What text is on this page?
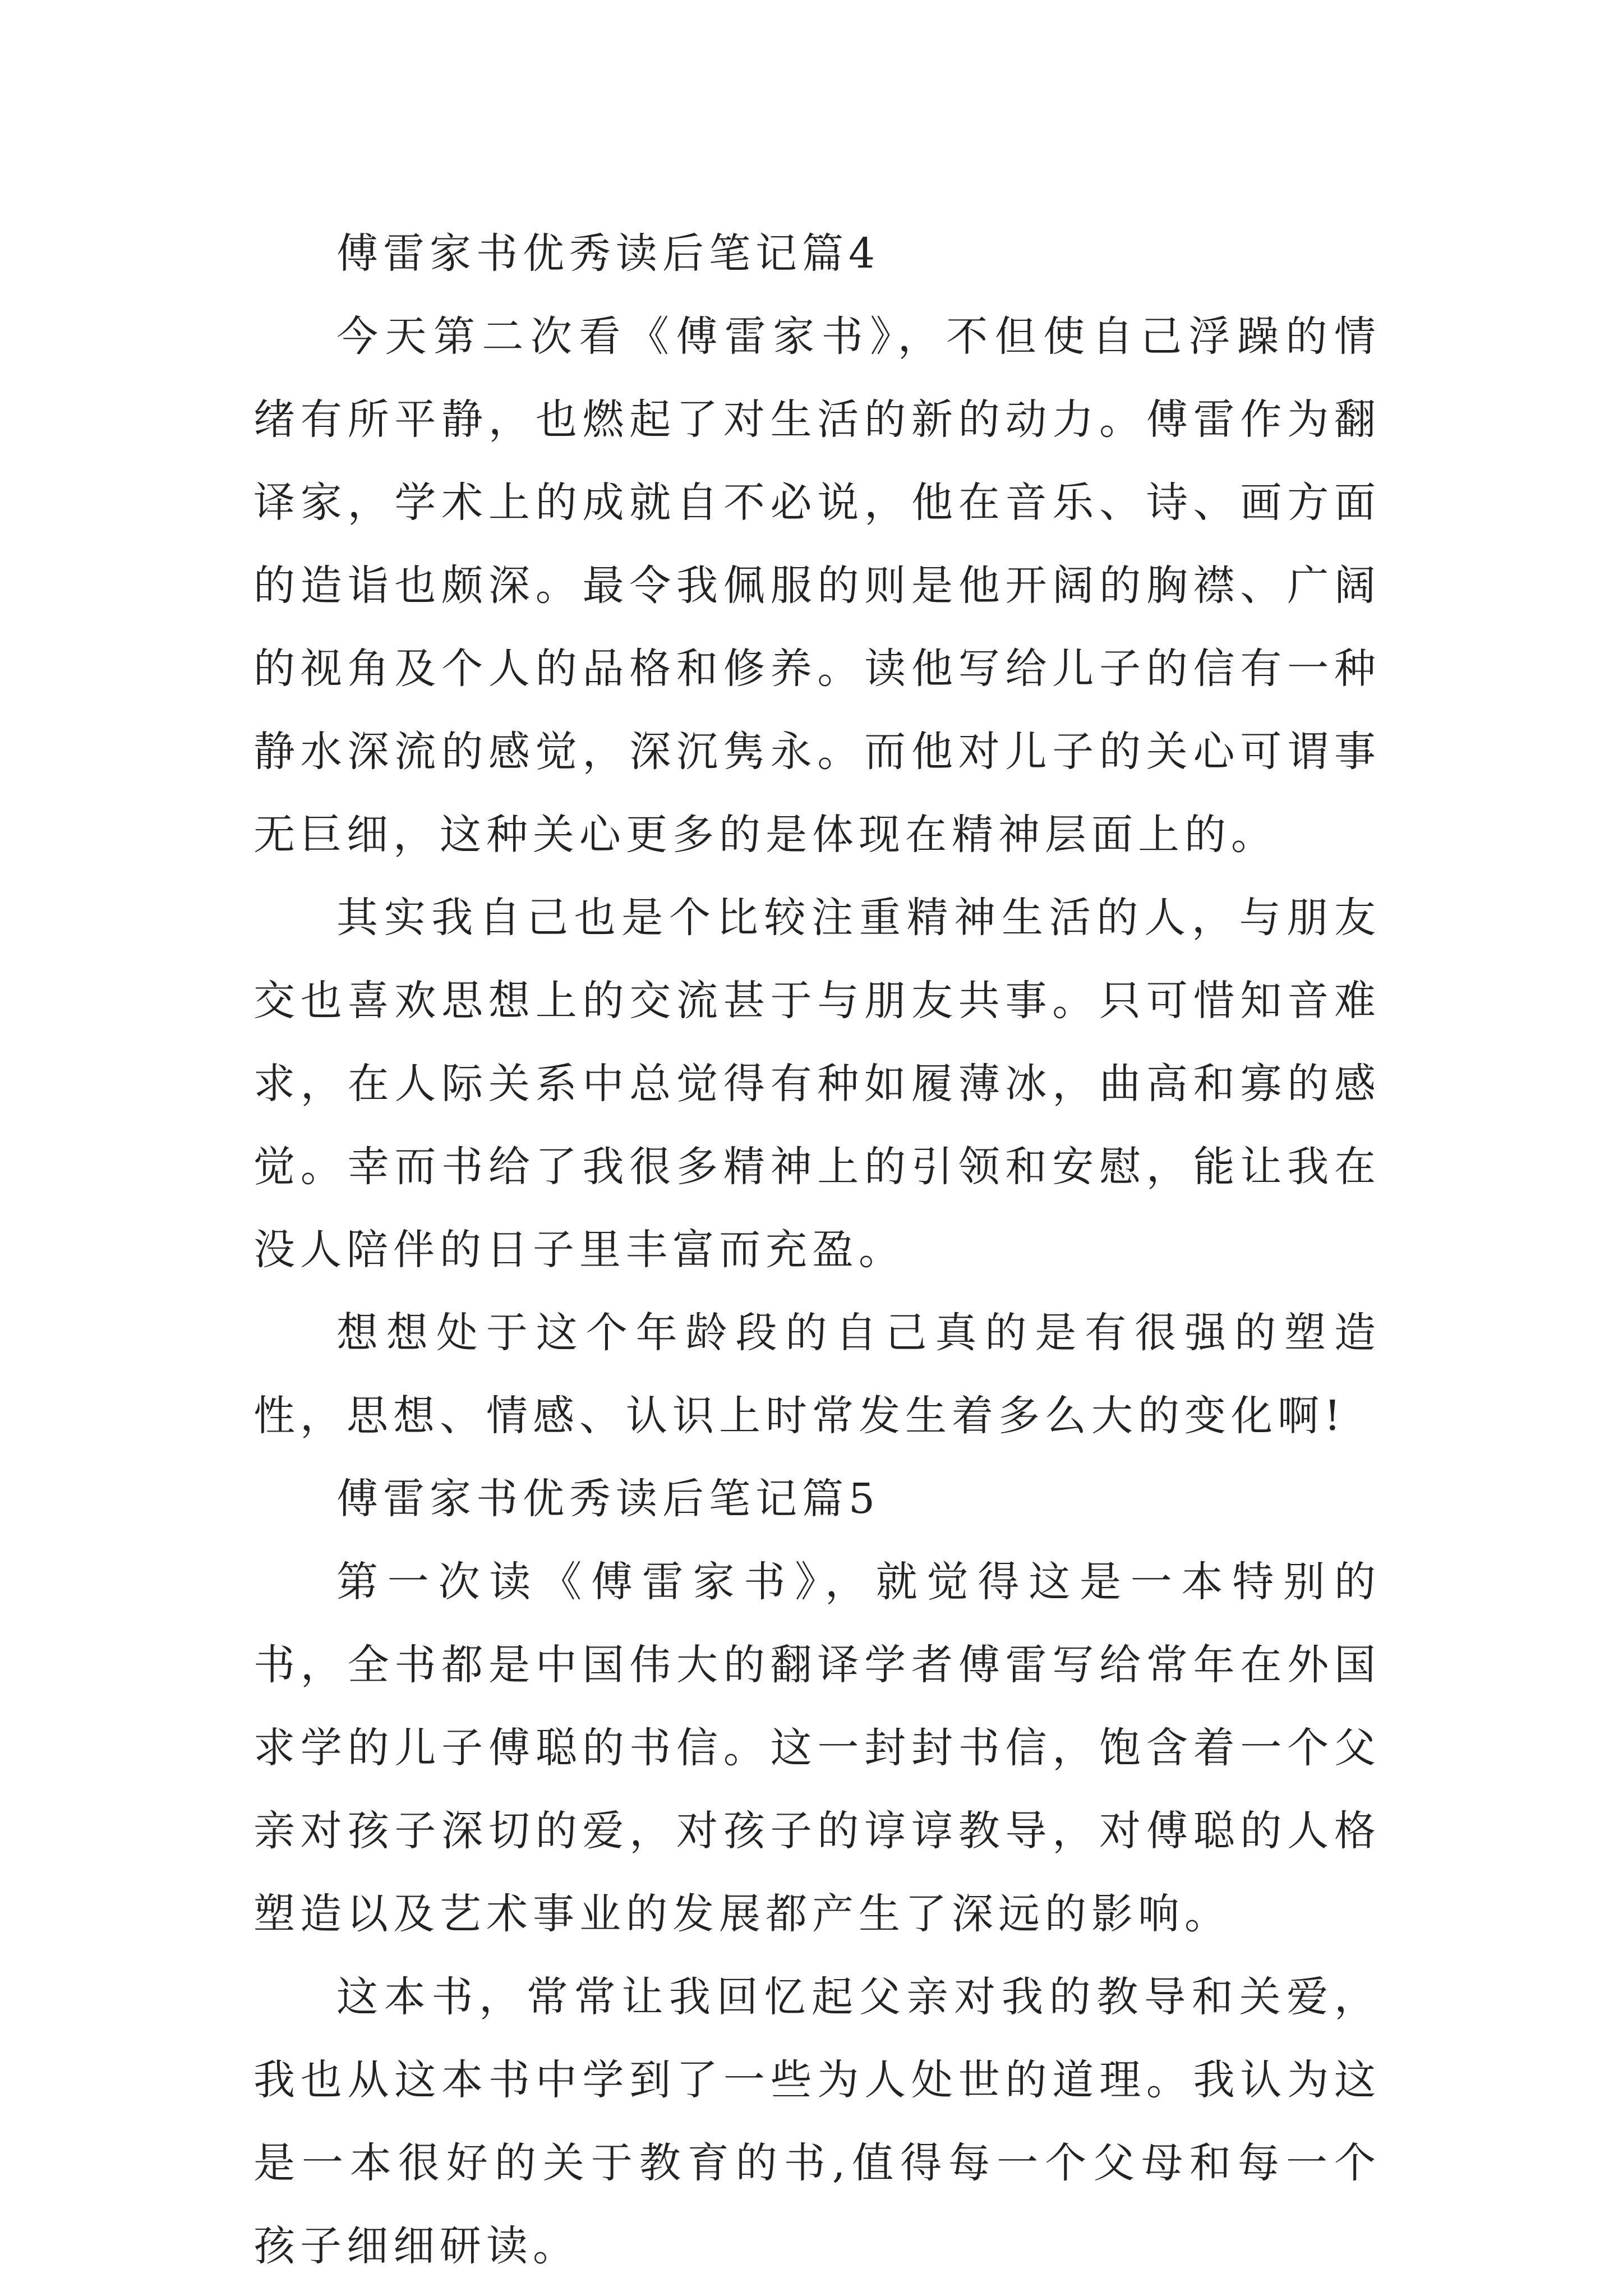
傅雷家书优秀读后笔记篇4

今天第二次看《傅雷家书》，不但使自己浮躁的情绪有所平静，也燃起了对生活的新的动力。傅雷作为翻译家，学术上的成就自不必说，他在音乐、诗、画方面的造诣也颇深。最令我佩服的则是他开阔的胸襟、广阔的视角及个人的品格和修养。读他写给儿子的信有一种静水深流的感觉，深沉隽永。而他对儿子的关心可谓事无巨细，这种关心更多的是体现在精神层面上的。

其实我自己也是个比较注重精神生活的人，与朋友交也喜欢思想上的交流甚于与朋友共事。只可惜知音难求，在人际关系中总觉得有种如履薄冰，曲高和寡的感觉。幸而书给了我很多精神上的引领和安慰，能让我在没人陪伴的日子里丰富而充盈。

想想处于这个年龄段的自己真的是有很强的塑造性，思想、情感、认识上时常发生着多么大的变化啊!

傅雷家书优秀读后笔记篇5

第一次读《傅雷家书》，就觉得这是一本特别的书，全书都是中国伟大的翻译学者傅雷写给常年在外国求学的儿子傅聪的书信。这一封封书信，饱含着一个父亲对孩子深切的爱，对孩子的谆谆教导，对傅聪的人格塑造以及艺术事业的发展都产生了深远的影响。

这本书，常常让我回忆起父亲对我的教导和关爱，我也从这本书中学到了一些为人处世的道理。我认为这是一本很好的关于教育的书,值得每一个父母和每一个孩子细细研读。
